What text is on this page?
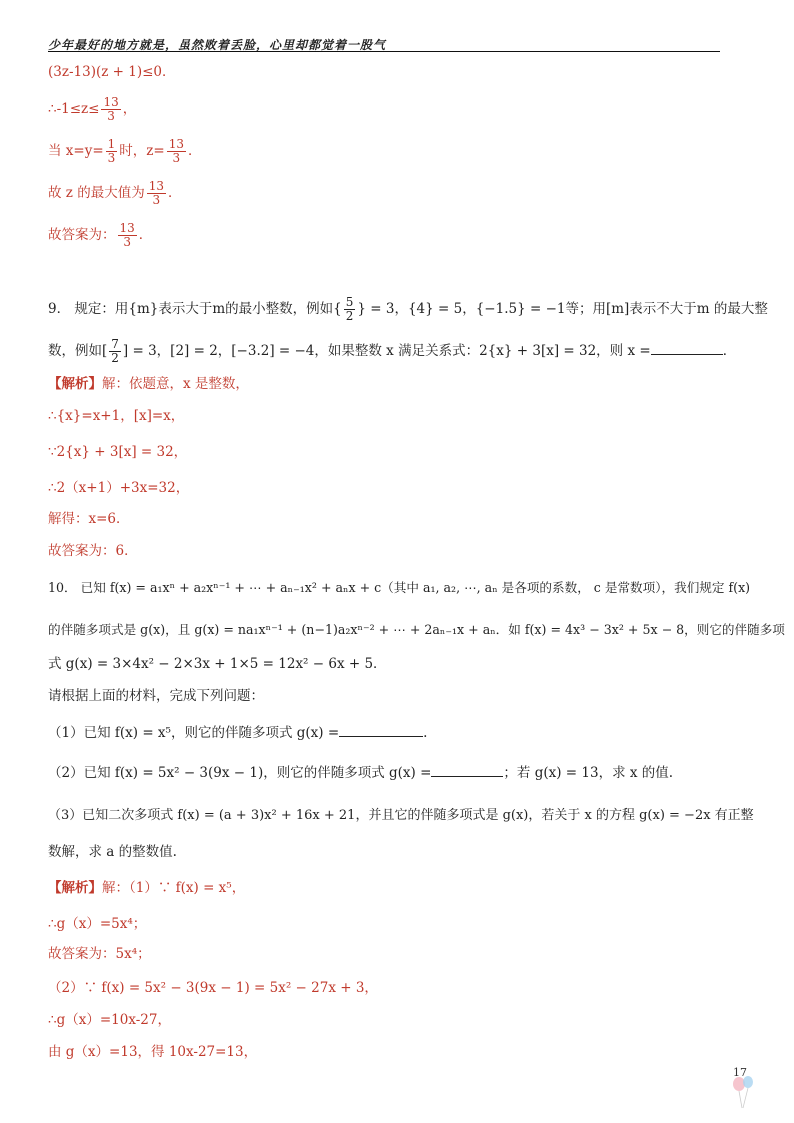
少年最好的地方就是，虽然败着丢脸，心里却都觉着一股气
(3z-13)(z + 1)≤0．
∴-1≤z≤ $\frac{13}{3}$ ，
当 $x=y= \frac{1}{3}$ 时，$z= \frac{13}{3}$ ．
故 z 的最大值为 $\frac{13}{3}$ ．
故答案为： $\frac{13}{3}$ ．
9． 规定：用{m}表示大于m的最小整数，例如{ $\frac{5}{2}$ } = 3，{4} = 5，{−1.5} = −1等；用[m]表示不大于m 的最大整
数，例如[ $\frac{7}{2}$ ] = 3，[2] = 2，[−3.2] = −4，如果整数 x 满足关系式：2{x} + 3[x] = 32，则 x =	．
【解析】解：依题意，x 是整数，
∴{x}=x+1，[x]=x，
∵2{x} + 3[x] = 32，
∴2（x+1）+3x=32，
解得：x=6．
故答案为：6．
10． 已知 f(x) = a₁xⁿ + a₂xⁿ⁻¹ + ⋯ + aₙ₋₁x² + aₙx + c（其中 a₁, a₂, ⋯, aₙ 是各项的系数， c 是常数项），我们规定 f(x)
的伴随多项式是 g(x)，且 g(x) = na₁xⁿ⁻¹ + (n−1)a₂xⁿ⁻² + ⋯ + 2aₙ₋₁x + aₙ．如 f(x) = 4x³ − 3x² + 5x − 8，则它的伴随多项
式 g(x) = 3×4x² − 2×3x + 1×5 = 12x² − 6x + 5．
请根据上面的材料，完成下列问题：
（1）已知 f(x) = x⁵，则它的伴随多项式 g(x) =	.
（2）已知 f(x) = 5x² − 3(9x − 1)，则它的伴随多项式 g(x) =	；若 g(x) = 13，求 x 的值.
（3）已知二次多项式 f(x) = (a + 3)x² + 16x + 21，并且它的伴随多项式是 g(x)，若关于 x 的方程 g(x) = −2x 有正整
数解，求 a 的整数值.
【解析】解：（1）∵ f(x) = x⁵，
∴g（x）=5x⁴；
故答案为：5x⁴；
（2）∵ f(x) = 5x² − 3(9x − 1) = 5x² − 27x + 3，
∴g（x）=10x-27，
由 g（x）=13，得 10x-27=13，
17
